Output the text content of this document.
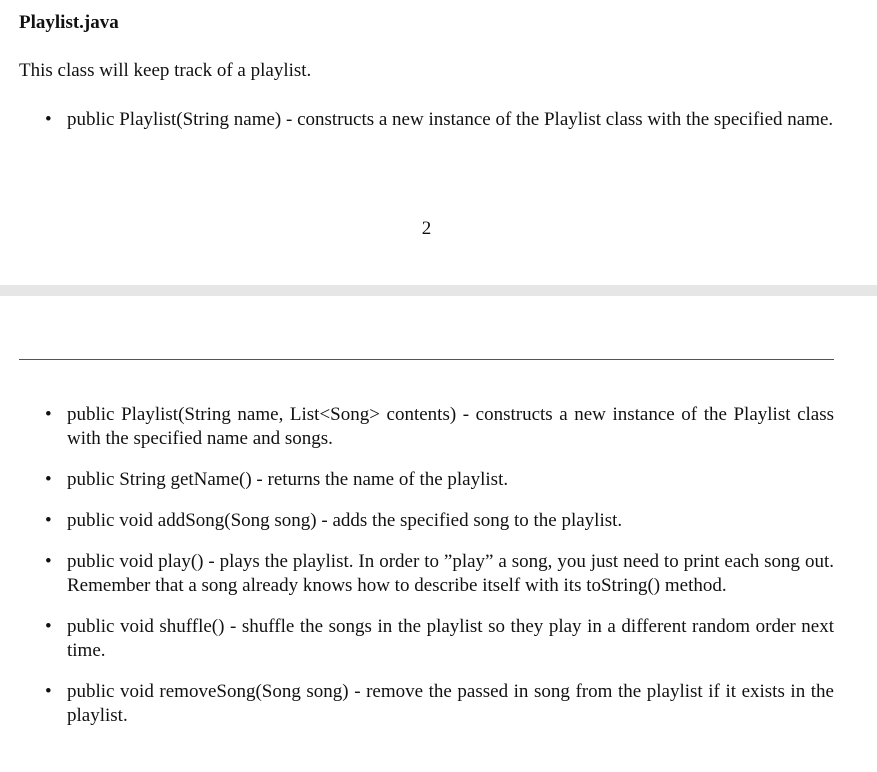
Playlist.java
This class will keep track of a playlist.
• public Playlist(String name) - constructs a new instance of the Playlist class with the specified name.
2
• public Playlist(String name, List<Song> contents) - constructs a new instance of the Playlist class with the specified name and songs.
• public String getName() - returns the name of the playlist.
• public void addSong(Song song) - adds the specified song to the playlist.
• public void play() - plays the playlist. In order to ”play” a song, you just need to print each song out. Remember that a song already knows how to describe itself with its toString() method.
• public void shuffle() - shuffle the songs in the playlist so they play in a different random order next time.
• public void removeSong(Song song) - remove the passed in song from the playlist if it exists in the playlist.
